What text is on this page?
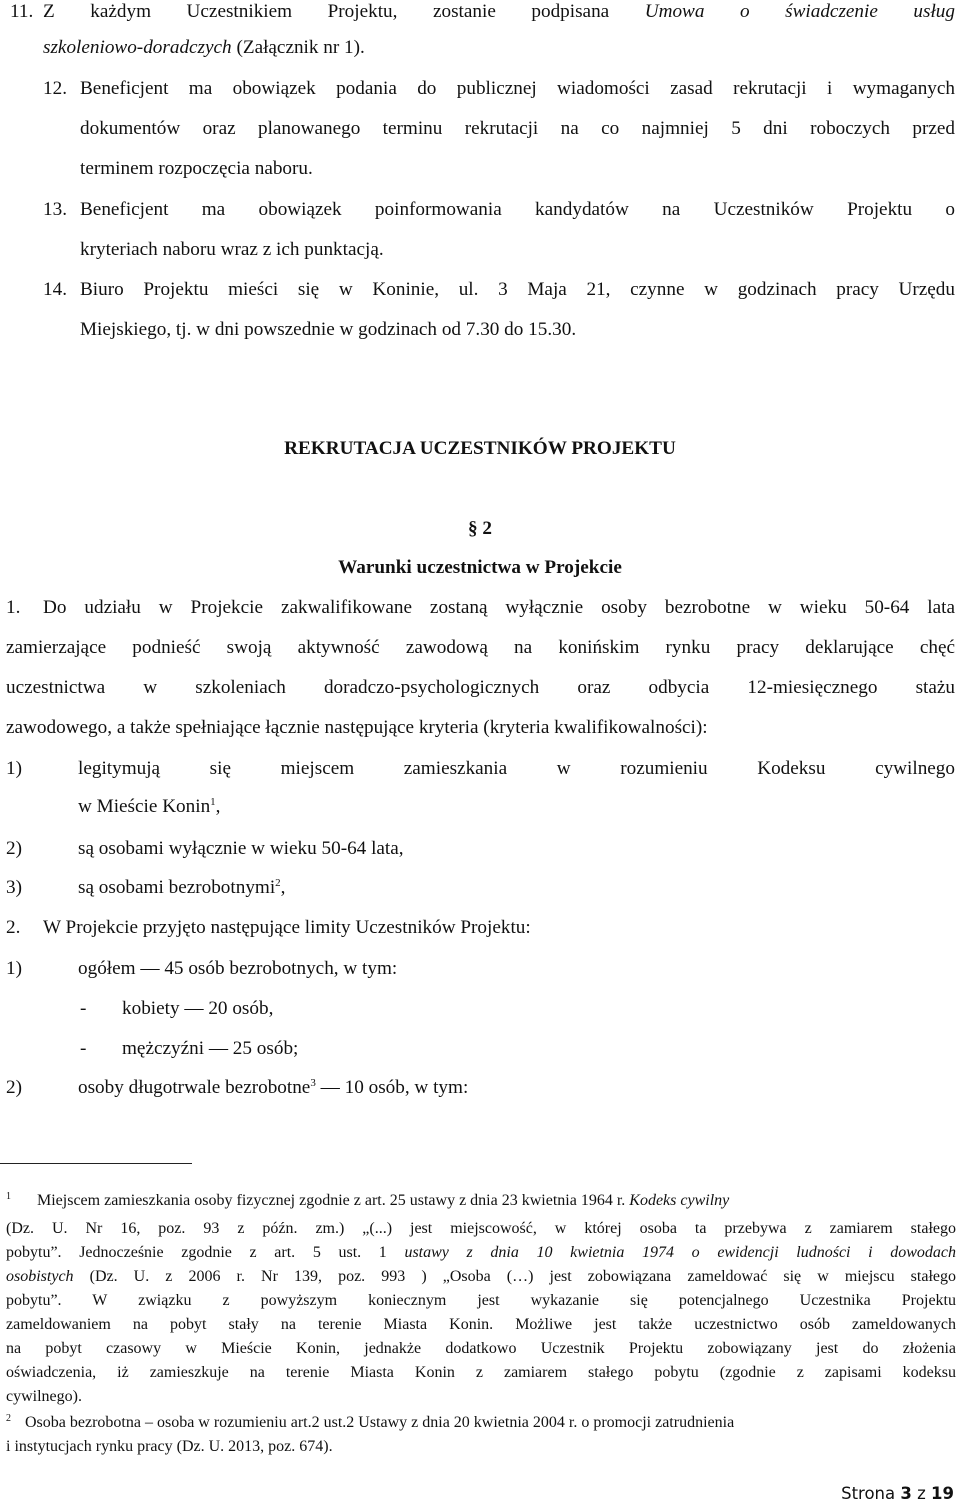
11. Z każdym Uczestnikiem Projektu, zostanie podpisana Umowa o świadczenie usług
szkoleniowo-doradczych (Załącznik nr 1).
12. Beneficjent ma obowiązek podania do publicznej wiadomości zasad rekrutacji i wymaganych
dokumentów oraz planowanego terminu rekrutacji na co najmniej 5 dni roboczych przed
terminem rozpoczęcia naboru.
13. Beneficjent ma obowiązek poinformowania kandydatów na Uczestników Projektu o
kryteriach naboru wraz z ich punktacją.
14. Biuro Projektu mieści się w Koninie, ul. 3 Maja 21, czynne w godzinach pracy Urzędu
Miejskiego, tj. w dni powszednie w godzinach od 7.30 do 15.30.
REKRUTACJA UCZESTNIKÓW PROJEKTU
§ 2
Warunki uczestnictwa w Projekcie
1. Do udziału w Projekcie zakwalifikowane zostaną wyłącznie osoby bezrobotne w wieku 50-64 lata
zamierzające podnieść swoją aktywność zawodową na konińskim rynku pracy deklarujące chęć
uczestnictwa w szkoleniach doradczo-psychologicznych oraz odbycia 12-miesięcznego stażu
zawodowego, a także spełniające łącznie następujące kryteria (kryteria kwalifikowalności):
1)	legitymują się miejscem zamieszkania w rozumieniu Kodeksu cywilnego
w Mieście Konin$^1$,
2)	są osobami wyłącznie w wieku 50-64 lata,
3)	są osobami bezrobotnymi$^2$,
2. W Projekcie przyjęto następujące limity Uczestników Projektu:
1)	ogółem — 45 osób bezrobotnych, w tym:
- kobiety — 20 osób,
- mężczyźni — 25 osób;
2)	osoby długotrwale bezrobotne$^3$ — 10 osób, w tym:
$^1$ Miejscem zamieszkania osoby fizycznej zgodnie z art. 25 ustawy z dnia 23 kwietnia 1964 r. Kodeks cywilny
(Dz. U. Nr 16, poz. 93 z późn. zm.) „(...) jest miejscowość, w której osoba ta przebywa z zamiarem stałego
pobytu”. Jednocześnie zgodnie z art. 5 ust. 1 ustawy z dnia 10 kwietnia 1974 o ewidencji ludności i dowodach
osobistych (Dz. U. z 2006 r. Nr 139, poz. 993 ) „Osoba (…) jest zobowiązana zameldować się w miejscu stałego
pobytu”. W związku z powyższym koniecznym jest wykazanie się potencjalnego Uczestnika Projektu
zameldowaniem na pobyt stały na terenie Miasta Konin. Możliwe jest także uczestnictwo osób zameldowanych
na pobyt czasowy w Mieście Konin, jednakże dodatkowo Uczestnik Projektu zobowiązany jest do złożenia
oświadczenia, iż zamieszkuje na terenie Miasta Konin z zamiarem stałego pobytu (zgodnie z zapisami kodeksu
cywilnego).
$^2$ Osoba bezrobotna – osoba w rozumieniu art.2 ust.2 Ustawy z dnia 20 kwietnia 2004 r. o promocji zatrudnienia
i instytucjach rynku pracy (Dz. U. 2013, poz. 674).
Strona 3 z 19
